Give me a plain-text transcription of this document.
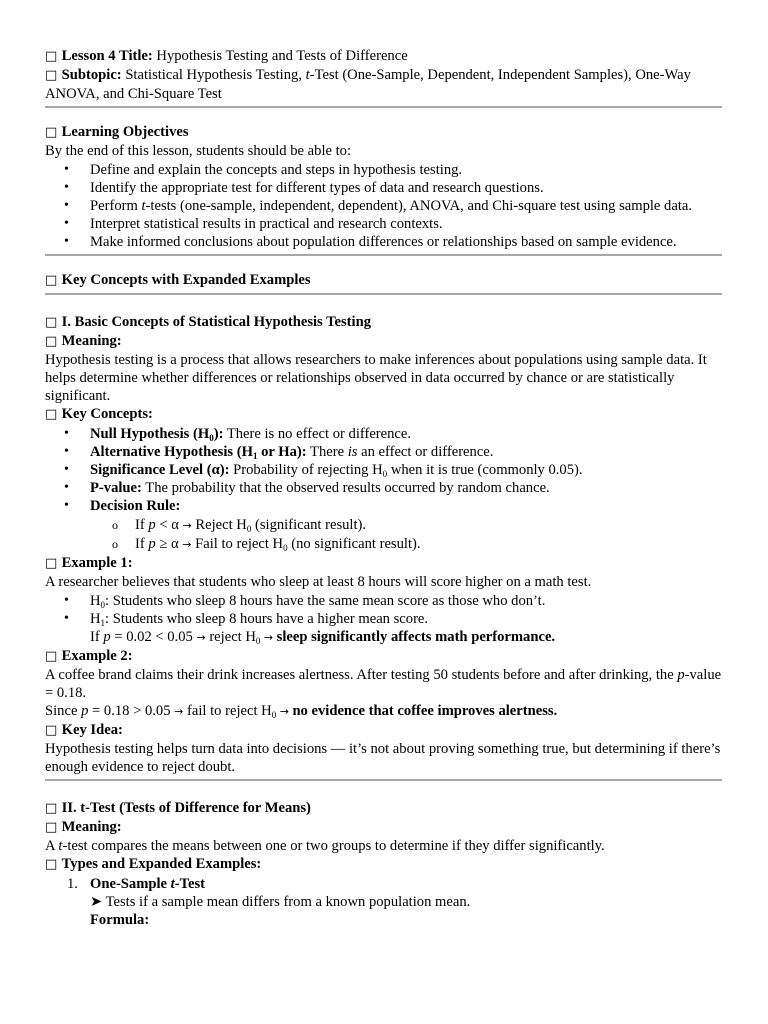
□ Lesson 4 Title: Hypothesis Testing and Tests of Difference

□ Subtopic: Statistical Hypothesis Testing, t-Test (One-Sample, Dependent, Independent Samples), One-Way ANOVA, and Chi-Square Test

□ Learning Objectives

By the end of this lesson, students should be able to:

• Define and explain the concepts and steps in hypothesis testing.
• Identify the appropriate test for different types of data and research questions.
• Perform t-tests (one-sample, independent, dependent), ANOVA, and Chi-square test using sample data.
• Interpret statistical results in practical and research contexts.
• Make informed conclusions about population differences or relationships based on sample evidence.

□ Key Concepts with Expanded Examples

□ I. Basic Concepts of Statistical Hypothesis Testing

□ Meaning:

Hypothesis testing is a process that allows researchers to make inferences about populations using sample data. It helps determine whether differences or relationships observed in data occurred by chance or are statistically significant.

□ Key Concepts:

• Null Hypothesis $(H_0)$: There is no effect or difference.
• Alternative Hypothesis ($H_1$ or Ha): There is an effect or difference.
• Significance Level (α): Probability of rejecting $H_0$ when it is true (commonly 0.05).
• P-value: The probability that the observed results occurred by random chance.
• Decision Rule:
o If p < α → Reject $H_0$ (significant result).
o If p ≥ α → Fail to reject $H_0$ (no significant result).

□ Example 1:

A researcher believes that students who sleep at least 8 hours will score higher on a math test.

• $H_0$: Students who sleep 8 hours have the same mean score as those who don’t.
• $H_1$: Students who sleep 8 hours have a higher mean score.
If p = 0.02 < 0.05 → reject $H_0$ → sleep significantly affects math performance.

□ Example 2:

A coffee brand claims their drink increases alertness. After testing 50 students before and after drinking, the p-value = 0.18.

Since p = 0.18 > 0.05 → fail to reject $H_0$ → no evidence that coffee improves alertness.

□ Key Idea:

Hypothesis testing helps turn data into decisions — it’s not about proving something true, but determining if there’s enough evidence to reject doubt.

□ II. t-Test (Tests of Difference for Means)

□ Meaning:

A t-test compares the means between one or two groups to determine if they differ significantly.

□ Types and Expanded Examples:

1. One-Sample t-Test
➤ Tests if a sample mean differs from a known population mean.
Formula:
